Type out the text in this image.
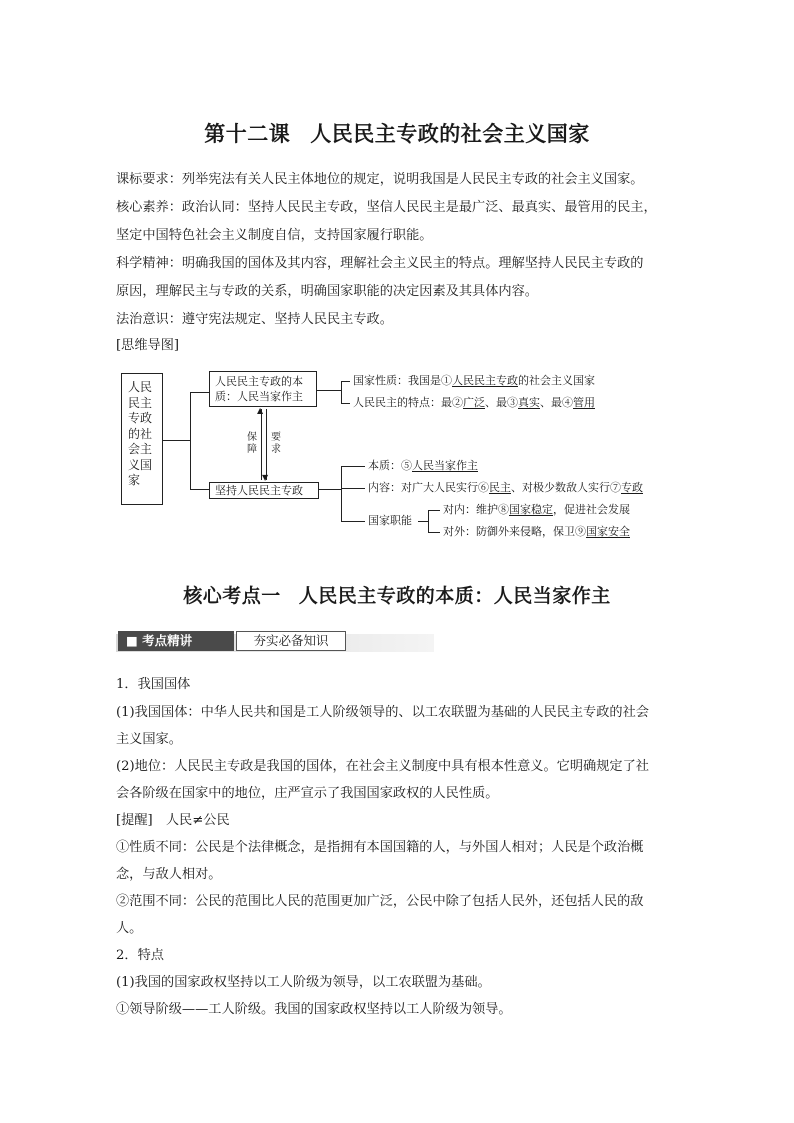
第十二课 人民民主专政的社会主义国家
课标要求：列举宪法有关人民主体地位的规定，说明我国是人民民主专政的社会主义国家。
核心素养：政治认同：坚持人民民主专政，坚信人民民主是最广泛、最真实、最管用的民主，
坚定中国特色社会主义制度自信，支持国家履行职能。
科学精神：明确我国的国体及其内容，理解社会主义民主的特点。理解坚持人民民主专政的
原因，理解民主与专政的关系，明确国家职能的决定因素及其具体内容。
法治意识：遵守宪法规定、坚持人民民主专政。
[思维导图]
人民
民主
专政
的社
会主
义国
家
人民民主专政的本
质：人民当家作主
坚持人民民主专政
▲
▼
保
障
要
求
国家性质：我国是①人民民主专政的社会主义国家
人民民主的特点：最②广泛、最③真实、最④管用
本质：⑤人民当家作主
内容：对广大人民实行⑥民主、对极少数敌人实行⑦专政
国家职能
对内：维护⑧国家稳定，促进社会发展
对外：防御外来侵略，保卫⑨国家安全
核心考点一 人民民主专政的本质：人民当家作主
■ 考点精讲	夯实必备知识
1．我国国体
(1)我国国体：中华人民共和国是工人阶级领导的、以工农联盟为基础的人民民主专政的社会
主义国家。
(2)地位：人民民主专政是我国的国体，在社会主义制度中具有根本性意义。它明确规定了社
会各阶级在国家中的地位，庄严宣示了我国国家政权的人民性质。
[提醒]　人民≠公民
①性质不同：公民是个法律概念，是指拥有本国国籍的人，与外国人相对；人民是个政治概
念，与敌人相对。
②范围不同：公民的范围比人民的范围更加广泛，公民中除了包括人民外，还包括人民的敌
人。
2．特点
(1)我国的国家政权坚持以工人阶级为领导，以工农联盟为基础。
①领导阶级——工人阶级。我国的国家政权坚持以工人阶级为领导。
